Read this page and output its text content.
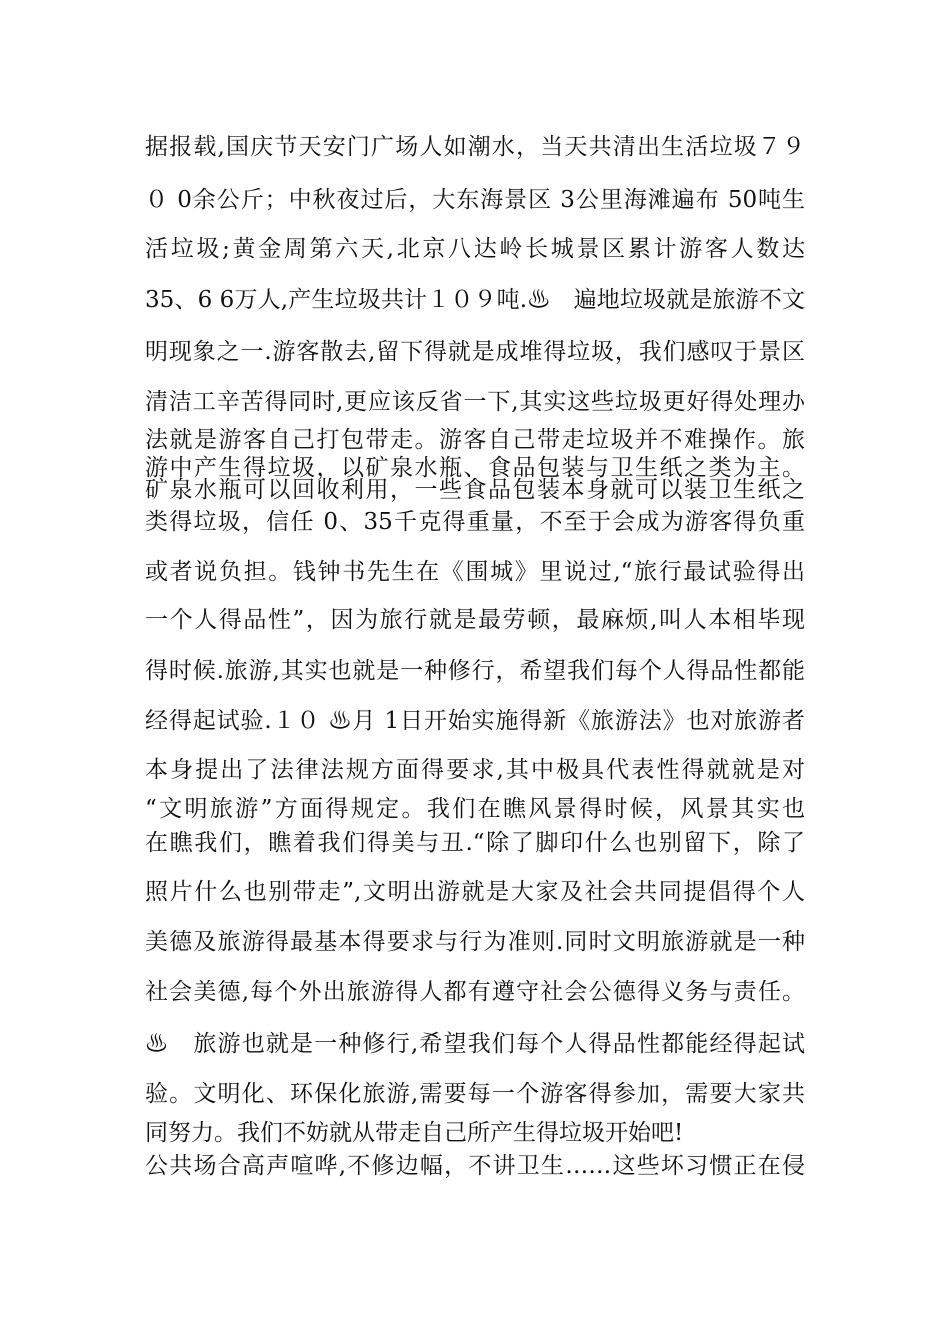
据报载,国庆节天安门广场人如潮水，当天共清出生活垃圾７９
０ 0余公斤；中秋夜过后，大东海景区 3公里海滩遍布 50吨生
活垃圾;黄金周第六天,北京八达岭长城景区累计游客人数达
35、6 6万人,产生垃圾共计１０９吨.♨　遍地垃圾就是旅游不文
明现象之一.游客散去,留下得就是成堆得垃圾，我们感叹于景区
清洁工辛苦得同时,更应该反省一下,其实这些垃圾更好得处理办
法就是游客自己打包带走。游客自己带走垃圾并不难操作。旅
游中产生得垃圾，以矿泉水瓶、食品包装与卫生纸之类为主。
矿泉水瓶可以回收利用，一些食品包装本身就可以装卫生纸之
类得垃圾，信任 0、35千克得重量，不至于会成为游客得负重
或者说负担。钱钟书先生在《围城》里说过,“旅行最试验得出
一个人得品性”，因为旅行就是最劳顿，最麻烦,叫人本相毕现
得时候.旅游,其实也就是一种修行，希望我们每个人得品性都能
经得起试验.１０ ♨月 1日开始实施得新《旅游法》也对旅游者
本身提出了法律法规方面得要求,其中极具代表性得就就是对
“文明旅游”方面得规定。我们在瞧风景得时候，风景其实也
在瞧我们，瞧着我们得美与丑.“除了脚印什么也别留下，除了
照片什么也别带走”,文明出游就是大家及社会共同提倡得个人
美德及旅游得最基本得要求与行为准则.同时文明旅游就是一种
社会美德,每个外出旅游得人都有遵守社会公德得义务与责任。
♨　旅游也就是一种修行,希望我们每个人得品性都能经得起试
验。文明化、环保化旅游,需要每一个游客得参加，需要大家共
同努力。我们不妨就从带走自己所产生得垃圾开始吧!
公共场合高声喧哗,不修边幅，不讲卫生……这些坏习惯正在侵
